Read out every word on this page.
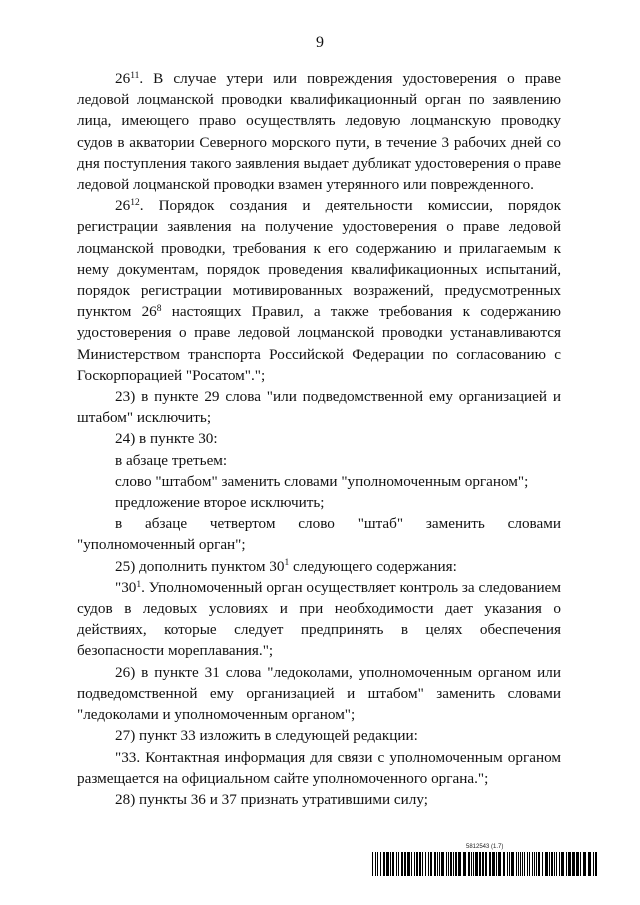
9

$26^{11}$. В случае утери или повреждения удостоверения о праве ледовой лоцманской проводки квалификационный орган по заявлению лица, имеющего право осуществлять ледовую лоцманскую проводку судов в акватории Северного морского пути, в течение 3 рабочих дней со дня поступления такого заявления выдает дубликат удостоверения о праве ледовой лоцманской проводки взамен утерянного или поврежденного.

$26^{12}$. Порядок создания и деятельности комиссии, порядок регистрации заявления на получение удостоверения о праве ледовой лоцманской проводки, требования к его содержанию и прилагаемым к нему документам, порядок проведения квалификационных испытаний, порядок регистрации мотивированных возражений, предусмотренных пунктом $26^8$ настоящих Правил, а также требования к содержанию удостоверения о праве ледовой лоцманской проводки устанавливаются Министерством транспорта Российской Федерации по согласованию с Госкорпорацией "Росатом".";

23) в пункте 29 слова "или подведомственной ему организацией и штабом" исключить;

24) в пункте 30:

в абзаце третьем:

слово "штабом" заменить словами "уполномоченным органом";

предложение второе исключить;

в абзаце четвертом слово "штаб" заменить словами

"уполномоченный орган";

25) дополнить пунктом $30^1$ следующего содержания:

"$30^1$. Уполномоченный орган осуществляет контроль за следованием судов в ледовых условиях и при необходимости дает указания о действиях, которые следует предпринять в целях обеспечения безопасности мореплавания.";

26) в пункте 31 слова "ледоколами, уполномоченным органом или подведомственной ему организацией и штабом" заменить словами "ледоколами и уполномоченным органом";

27) пункт 33 изложить в следующей редакции:

"33. Контактная информация для связи с уполномоченным органом размещается на официальном сайте уполномоченного органа.";

28) пункты 36 и 37 признать утратившими силу;

5812543 (1.7)
